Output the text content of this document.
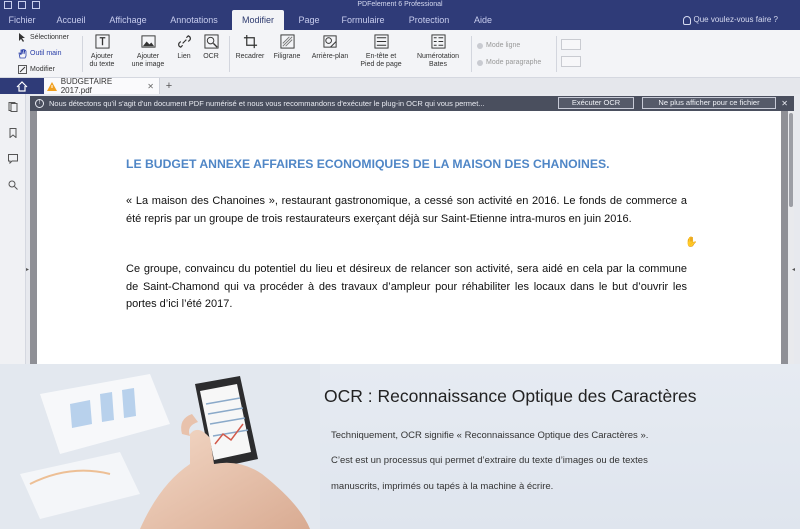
PDFelement 6 Professional
Fichier	Accueil	Affichage	Annotations	Modifier	Page	Formulaire	Protection	Aide	Que voulez-vous faire ?
Sélectionner
Outil main
Modifier
Ajouter
du texte
Ajouter
une image
Lien	OCR	Recadrer	Filigrane	Arrière-plan	En-tête et
Pied de page
Numérotation
Bates
Mode ligne
Mode paragraphe
BUDGETAIRE 2017.pdf	✕ +
▸
!	Nous détectons qu'il s'agit d'un document PDF numérisé et nous vous recommandons d'exécuter le plug-in OCR qui vous permet...	Exécuter OCR	Ne plus afficher pour ce fichier	✕
LE BUDGET ANNEXE AFFAIRES ECONOMIQUES DE LA MAISON DES CHANOINES.
« La maison des Chanoines », restaurant gastronomique, a cessé son activité en 2016. Le fonds de commerce a été repris par un groupe de trois restaurateurs exerçant déjà sur Saint-Etienne intra-muros en juin 2016.
Ce groupe, convaincu du potentiel du lieu et désireux de relancer son activité, sera aidé en cela par la commune de Saint-Chamond qui va procéder à des travaux d’ampleur pour réhabiliter les locaux dans le but d’ouvrir les portes d’ici l’été 2017.
✋
◂
OCR : Reconnaissance Optique des Caractères
Techniquement, OCR signifie « Reconnaissance Optique des Caractères ».
C’est est un processus qui permet d’extraire du texte d’images ou de textes
manuscrits, imprimés ou tapés à la machine à écrire.
